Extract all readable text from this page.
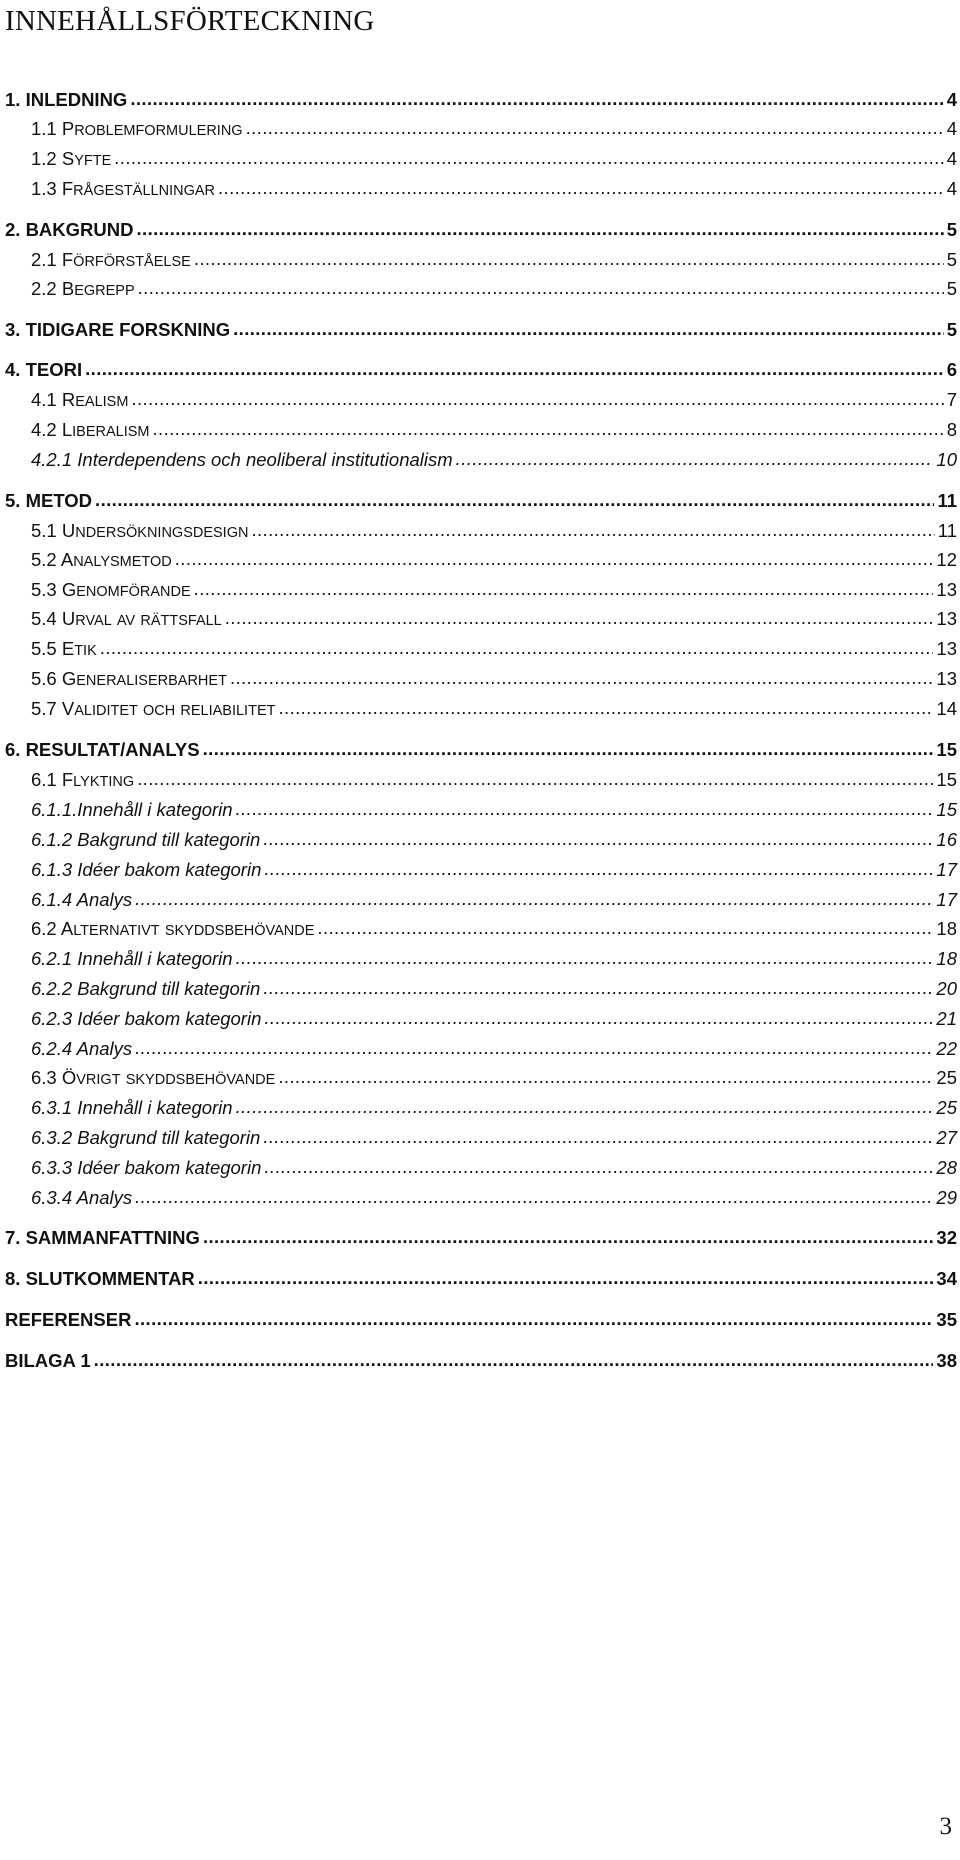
INNEHÅLLSFÖRTECKNING
1. INLEDNING .....	4
1.1 PROBLEMFORMULERING .....	4
1.2 SYFTE .....	4
1.3 FRÅGESTÄLLNINGAR .....	4
2. BAKGRUND .....	5
2.1 FÖRFÖRSTÅELSE .....	5
2.2 BEGREPP .....	5
3. TIDIGARE FORSKNING .....	5
4. TEORI .....	6
4.1 REALISM .....	7
4.2 LIBERALISM .....	8
4.2.1 Interdependens och neoliberal institutionalism .....	10
5. METOD .....	11
5.1 UNDERSÖKNINGSDESIGN .....	11
5.2 ANALYSMETOD .....	12
5.3 GENOMFÖRANDE .....	13
5.4 URVAL AV RÄTTSFALL .....	13
5.5 ETIK .....	13
5.6 GENERALISERBARHET .....	13
5.7 VALIDITET OCH RELIABILITET .....	14
6. RESULTAT/ANALYS .....	15
6.1 FLYKTING .....	15
6.1.1.Innehåll i kategorin .....	15
6.1.2 Bakgrund till kategorin .....	16
6.1.3 Idéer bakom kategorin .....	17
6.1.4 Analys .....	17
6.2 ALTERNATIVT SKYDDSBEHÖVANDE .....	18
6.2.1 Innehåll i kategorin .....	18
6.2.2 Bakgrund till kategorin .....	20
6.2.3 Idéer bakom kategorin .....	21
6.2.4 Analys .....	22
6.3 ÖVRIGT SKYDDSBEHÖVANDE .....	25
6.3.1 Innehåll i kategorin .....	25
6.3.2 Bakgrund till kategorin .....	27
6.3.3 Idéer bakom kategorin .....	28
6.3.4 Analys .....	29
7. SAMMANFATTNING .....	32
8. SLUTKOMMENTAR .....	34
REFERENSER .....	35
BILAGA 1 .....	38
3
